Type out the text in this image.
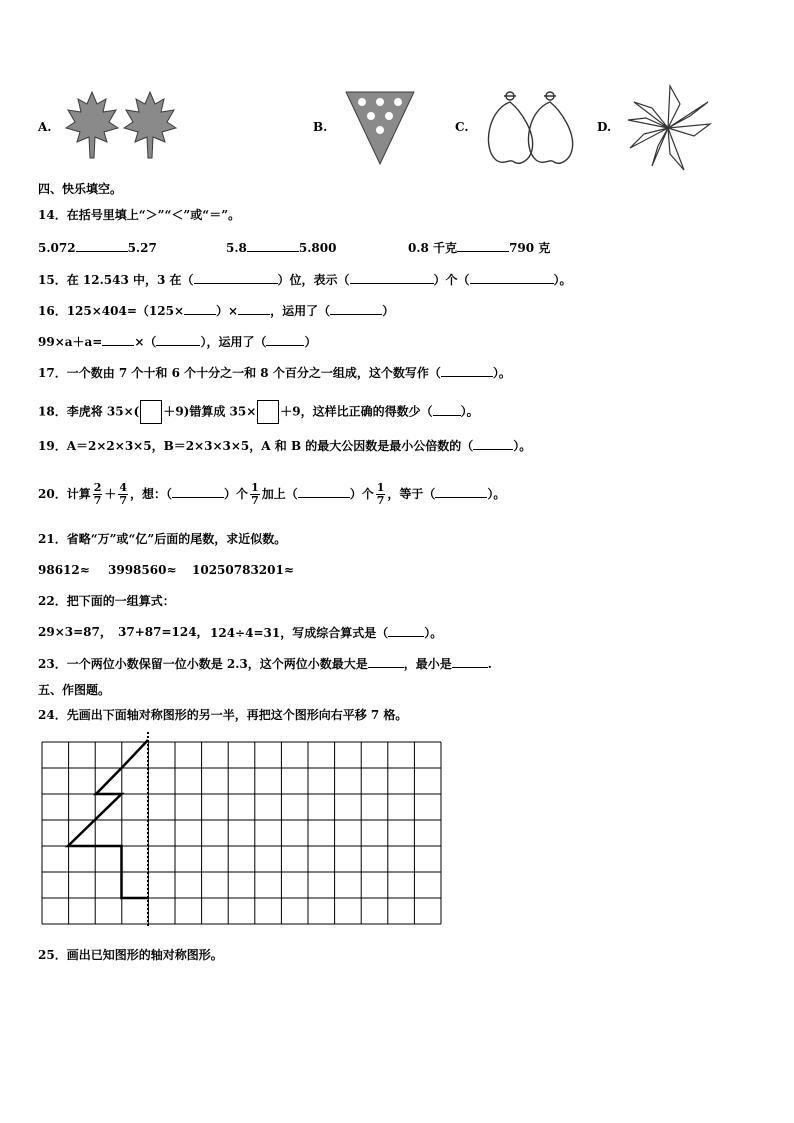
A.	B.	C.	D.
四、快乐填空。
14．在括号里填上“＞”“＜”或“＝”。
5.072	5.27	5.8	5.800	0.8 千克	790 克
15．在 12.543 中，3 在（	）位，表示（	）个（	）。
16．125×404=（125×	）×	，运用了（	）
99×a＋a=	×（	），运用了（	）
17．一个数由 7 个十和 6 个十分之一和 8 个百分之一组成，这个数写作（	）。
18．李虎将 35×( ＋9)错算成 35× ＋9，这样比正确的得数少（ ）。
19．A＝2×2×3×5，B＝2×3×3×5，A 和 B 的最大公因数是最小公倍数的（	）。
20．计算 $\frac{2}{7} + \frac{4}{7}$ ，想：（	）个 $\frac{1}{7}$ 加上（	）个 $\frac{1}{7}$ ，等于（	）。
21．省略“万”或“亿”后面的尾数，求近似数。
98612≈ 3998560≈ 10250783201≈
22．把下面的一组算式：
29×3=87， 37+87=124， 124÷4=31，写成综合算式是（	）。
23．一个两位小数保留一位小数是 2.3，这个两位小数最大是	，最小是	.
五、作图题。
24．先画出下面轴对称图形的另一半，再把这个图形向右平移 7 格。
25．画出已知图形的轴对称图形。
